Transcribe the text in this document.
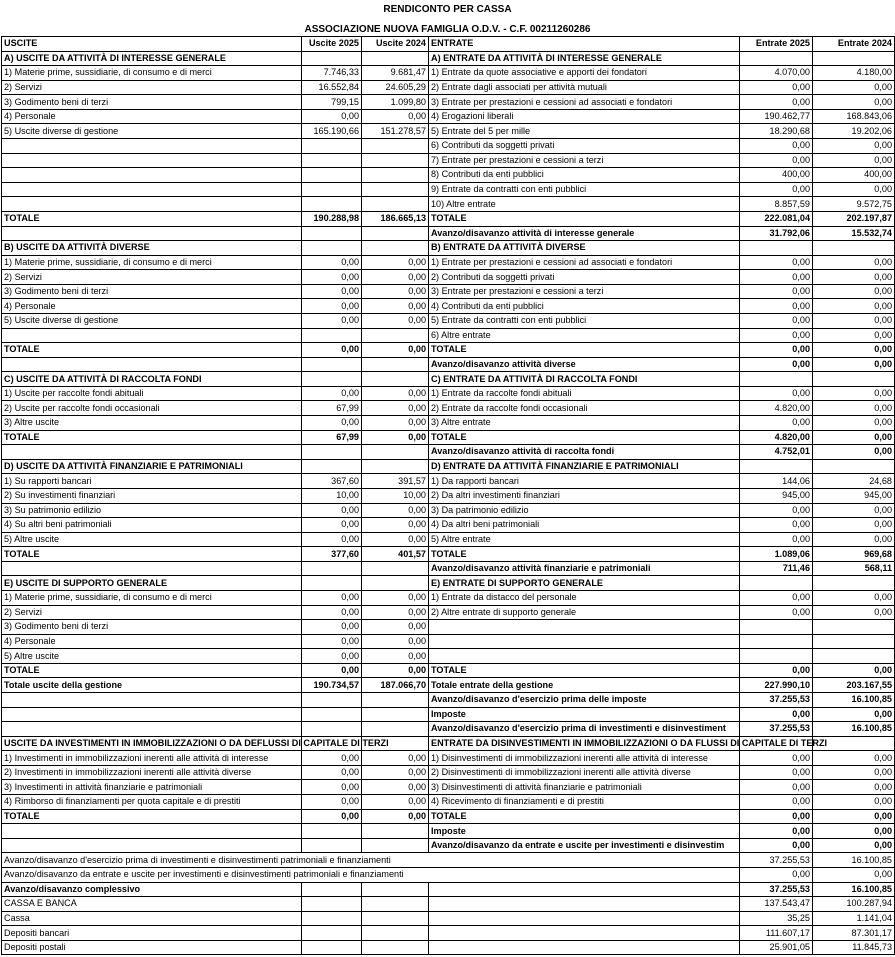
RENDICONTO PER CASSA
ASSOCIAZIONE NUOVA FAMIGLIA O.D.V. - C.F. 00211260286
USCITE	Uscite 2025	Uscite 2024	ENTRATE	Entrate 2025	Entrate 2024
A) USCITE DA ATTIVITÀ DI INTERESSE GENERALE			A) ENTRATE DA ATTIVITÀ DI INTERESSE GENERALE		
1) Materie prime, sussidiarie, di consumo e di merci	7.746,33	9.681,47	1) Entrate da quote associative e apporti dei fondatori	4.070,00	4.180,00
2) Servizi	16.552,84	24.605,29	2) Entrate dagli associati per attività mutuali	0,00	0,00
3) Godimento beni di terzi	799,15	1.099,80	3) Entrate per prestazioni e cessioni ad associati e fondatori	0,00	0,00
4) Personale	0,00	0,00	4) Erogazioni liberali	190.462,77	168.843,06
5) Uscite diverse di gestione	165.190,66	151.278,57	5) Entrate del 5 per mille	18.290,68	19.202,06
			6) Contributi da soggetti privati	0,00	0,00
			7) Entrate per prestazioni e cessioni a terzi	0,00	0,00
			8) Contributi da enti pubblici	400,00	400,00
			9) Entrate da contratti con enti pubblici	0,00	0,00
			10) Altre entrate	8.857,59	9.572,75
TOTALE	190.288,98	186.665,13	TOTALE	222.081,04	202.197,87
			Avanzo/disavanzo attività di interesse generale	31.792,06	15.532,74
B) USCITE DA ATTIVITÀ DIVERSE			B) ENTRATE DA ATTIVITÀ DIVERSE		
1) Materie prime, sussidiarie, di consumo e di merci	0,00	0,00	1) Entrate per prestazioni e cessioni ad associati e fondatori	0,00	0,00
2) Servizi	0,00	0,00	2) Contributi da soggetti privati	0,00	0,00
3) Godimento beni di terzi	0,00	0,00	3) Entrate per prestazioni e cessioni a terzi	0,00	0,00
4) Personale	0,00	0,00	4) Contributi da enti pubblici	0,00	0,00
5) Uscite diverse di gestione	0,00	0,00	5) Entrate da contratti con enti pubblici	0,00	0,00
			6) Altre entrate	0,00	0,00
TOTALE	0,00	0,00	TOTALE	0,00	0,00
			Avanzo/disavanzo attività diverse	0,00	0,00
C) USCITE DA ATTIVITÀ DI RACCOLTA FONDI			C) ENTRATE DA ATTIVITÀ DI RACCOLTA FONDI		
1) Uscite per raccolte fondi abituali	0,00	0,00	1) Entrate da raccolte fondi abituali	0,00	0,00
2) Uscite per raccolte fondi occasionali	67,99	0,00	2) Entrate da raccolte fondi occasionali	4.820,00	0,00
3) Altre uscite	0,00	0,00	3) Altre entrate	0,00	0,00
TOTALE	67,99	0,00	TOTALE	4.820,00	0,00
			Avanzo/disavanzo attività di raccolta fondi	4.752,01	0,00
D) USCITE DA ATTIVITÀ FINANZIARIE E PATRIMONIALI			D) ENTRATE DA ATTIVITÀ FINANZIARIE E PATRIMONIALI		
1) Su rapporti bancari	367,60	391,57	1) Da rapporti bancari	144,06	24,68
2) Su investimenti finanziari	10,00	10,00	2) Da altri investimenti finanziari	945,00	945,00
3) Su patrimonio edilizio	0,00	0,00	3) Da patrimonio edilizio	0,00	0,00
4) Su altri beni patrimoniali	0,00	0,00	4) Da altri beni patrimoniali	0,00	0,00
5) Altre uscite	0,00	0,00	5) Altre entrate	0,00	0,00
TOTALE	377,60	401,57	TOTALE	1.089,06	969,68
			Avanzo/disavanzo attività finanziarie e patrimoniali	711,46	568,11
E) USCITE DI SUPPORTO GENERALE			E) ENTRATE DI SUPPORTO GENERALE		
1) Materie prime, sussidiarie, di consumo e di merci	0,00	0,00	1) Entrate da distacco del personale	0,00	0,00
2) Servizi	0,00	0,00	2) Altre entrate di supporto generale	0,00	0,00
3) Godimento beni di terzi	0,00	0,00			
4) Personale	0,00	0,00			
5) Altre uscite	0,00	0,00			
TOTALE	0,00	0,00	TOTALE	0,00	0,00
Totale uscite della gestione	190.734,57	187.066,70	Totale entrate della gestione	227.990,10	203.167,55
			Avanzo/disavanzo d'esercizio prima delle imposte	37.255,53	16.100,85
			Imposte	0,00	0,00
			Avanzo/disavanzo d'esercizio prima di investimenti e disinvestiment	37.255,53	16.100,85
USCITE DA INVESTIMENTI IN IMMOBILIZZAZIONI O DA DEFLUSSI DI CAPITALE DI TERZI			ENTRATE DA DISINVESTIMENTI IN IMMOBILIZZAZIONI O DA FLUSSI DI CAPITALE DI TERZI		
1) Investimenti in immobilizzazioni inerenti alle attività di interesse	0,00	0,00	1) Disinvestimenti di immobilizzazioni inerenti alle attività di interesse	0,00	0,00
2) Investimenti in immobilizzazioni inerenti alle attività diverse	0,00	0,00	2) Disinvestimenti di immobilizzazioni inerenti alle attività diverse	0,00	0,00
3) Investimenti in attività finanziarie e patrimoniali	0,00	0,00	3) Disinvestimenti di attività finanziarie e patrimoniali	0,00	0,00
4) Rimborso di finanziamenti per quota capitale e di prestiti	0,00	0,00	4) Ricevimento di finanziamenti e di prestiti	0,00	0,00
TOTALE	0,00	0,00	TOTALE	0,00	0,00
			Imposte	0,00	0,00
			Avanzo/disavanzo da entrate e uscite per investimenti e disinvestim	0,00	0,00
Avanzo/disavanzo d'esercizio prima di investimenti e disinvestimenti patrimoniali e finanziamenti				37.255,53	16.100,85
Avanzo/disavanzo da entrate e uscite per investimenti e disinvestimenti patrimoniali e finanziamenti				0,00	0,00
Avanzo/disavanzo complessivo				37.255,53	16.100,85
CASSA E BANCA				137.543,47	100.287,94
Cassa				35,25	1.141,04
Depositi bancari				111.607,17	87.301,17
Depositi postali				25.901,05	11.845,73
